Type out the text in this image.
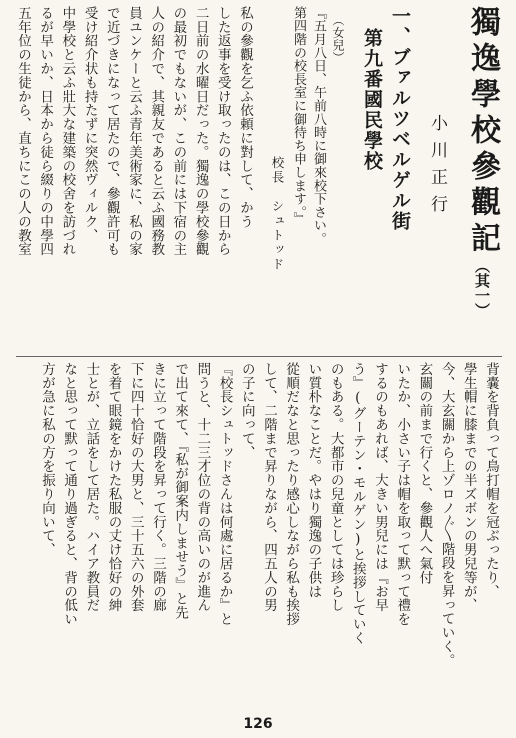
獨逸學校參觀記（其一）
小川正行
一、ブァルツベルゲル街
第九番國民學校
（女兒）
『五月八日、午前八時に御來校下さい。
第四階の校長室に御待ち申します。』
校長　シュトッド
私の參觀を乞ふ依頼に對して、かう
した返事を受け取ったのは、この日から
二日前の水曜日だった。獨逸の學校參觀
の最初でもないが、この前には下宿の主
人の紹介で、其親友であると云ふ國務教
員ユンケーと云ふ青年美術家に、私の家
で近づきになって居たので、參觀許可も
受け紹介状も持たずに突然ヴィルク、
中學校と云ふ壯大な建築の校舍を訪づれ
るが早いか、日本から徒ら綴りの中學四
五年位の生徒から、直ちにこの人の教室
背嚢を背負って鳥打帽を冠ぶったり、
學生帽に膝までの半ズボンの男兒等が、
今、大玄關から上ゾロノ〴〵階段を昇っていく。
玄關の前まで行くと、參觀人へ氣付
いたか、小さい子は帽を取って默って禮を
するのもあれば、大きい男兒には『お早
う』(グーテン・モルゲン)と挨拶していく
のもある。大都市の兒童としては珍らし
い質朴なことだ。やはり獨逸の子供は
從順だなと思ったり感心しながら私も挨拶
して、二階まで昇りながら、四五人の男
の子に向って、
『校長シュトッドさんは何處に居るか』と
問うと、十二三才位の背の高いのが進ん
で出て來て、『私が御案内しませう』と先
きに立って階段を昇って行く。三階の廊
下に四十恰好の大男と、三十五六の外套
を着て眼鏡をかけた私服の丈け恰好の紳
士とが、立話をして居た。ハイア教員だ
なと思って默って通り過ぎると、背の低い
方が急に私の方を振り向いて、
126
